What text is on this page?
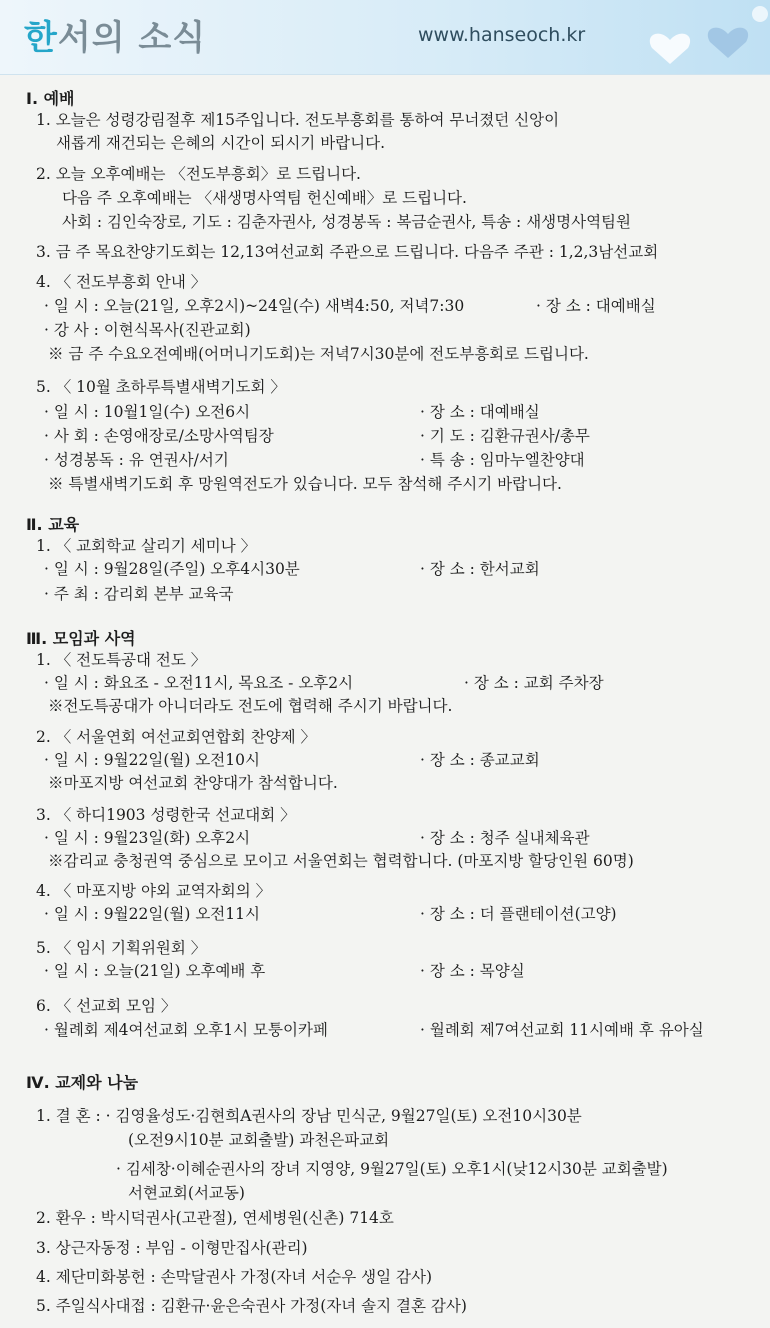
한서의 소식	www.hanseoch.kr
Ⅰ. 예배
1. 오늘은 성령강림절후 제15주입니다. 전도부흥회를 통하여 무너졌던 신앙이
새롭게 재건되는 은혜의 시간이 되시기 바랍니다.
2. 오늘 오후예배는 〈전도부흥회〉로 드립니다.
다음 주 오후예배는 〈새생명사역팀 헌신예배〉로 드립니다.
사회 : 김인숙장로, 기도 : 김춘자권사, 성경봉독 : 복금순권사, 특송 : 새생명사역팀원
3. 금 주 목요찬양기도회는 12,13여선교회 주관으로 드립니다. 다음주 주관 : 1,2,3남선교회
4. 〈 전도부흥회 안내 〉
· 일 시 : 오늘(21일, 오후2시)~24일(수) 새벽4:50, 저녁7:30	· 장 소 : 대예배실
· 강 사 : 이현식목사(진관교회)
※ 금 주 수요오전예배(어머니기도회)는 저녁7시30분에 전도부흥회로 드립니다.
5. 〈 10월 초하루특별새벽기도회 〉
· 일 시 : 10월1일(수) 오전6시	· 장 소 : 대예배실
· 사 회 : 손영애장로/소망사역팀장	· 기 도 : 김환규권사/총무
· 성경봉독 : 유 연권사/서기	· 특 송 : 임마누엘찬양대
※ 특별새벽기도회 후 망원역전도가 있습니다. 모두 참석해 주시기 바랍니다.
Ⅱ. 교육
1. 〈 교회학교 살리기 세미나 〉
· 일 시 : 9월28일(주일) 오후4시30분	· 장 소 : 한서교회
· 주 최 : 감리회 본부 교육국
Ⅲ. 모임과 사역
1. 〈 전도특공대 전도 〉
· 일 시 : 화요조 - 오전11시, 목요조 - 오후2시	· 장 소 : 교회 주차장
※전도특공대가 아니더라도 전도에 협력해 주시기 바랍니다.
2. 〈 서울연회 여선교회연합회 찬양제 〉
· 일 시 : 9월22일(월) 오전10시	· 장 소 : 종교교회
※마포지방 여선교회 찬양대가 참석합니다.
3. 〈 하디1903 성령한국 선교대회 〉
· 일 시 : 9월23일(화) 오후2시	· 장 소 : 청주 실내체육관
※감리교 충청권역 중심으로 모이고 서울연회는 협력합니다. (마포지방 할당인원 60명)
4. 〈 마포지방 야외 교역자회의 〉
· 일 시 : 9월22일(월) 오전11시	· 장 소 : 더 플랜테이션(고양)
5. 〈 임시 기획위원회 〉
· 일 시 : 오늘(21일) 오후예배 후	· 장 소 : 목양실
6. 〈 선교회 모임 〉
· 월례회 제4여선교회 오후1시 모퉁이카페	· 월례회 제7여선교회 11시예배 후 유아실
Ⅳ. 교제와 나눔
1. 결 혼 : · 김영율성도·김현희A권사의 장남 민식군, 9월27일(토) 오전10시30분
(오전9시10분 교회출발) 과천은파교회
· 김세창·이혜순권사의 장녀 지영양, 9월27일(토) 오후1시(낮12시30분 교회출발)
서현교회(서교동)
2. 환우 : 박시덕권사(고관절), 연세병원(신촌) 714호
3. 상근자동정 : 부임 - 이형만집사(관리)
4. 제단미화봉헌 : 손막달권사 가정(자녀 서순우 생일 감사)
5. 주일식사대접 : 김환규·윤은숙권사 가정(자녀 솔지 결혼 감사)
